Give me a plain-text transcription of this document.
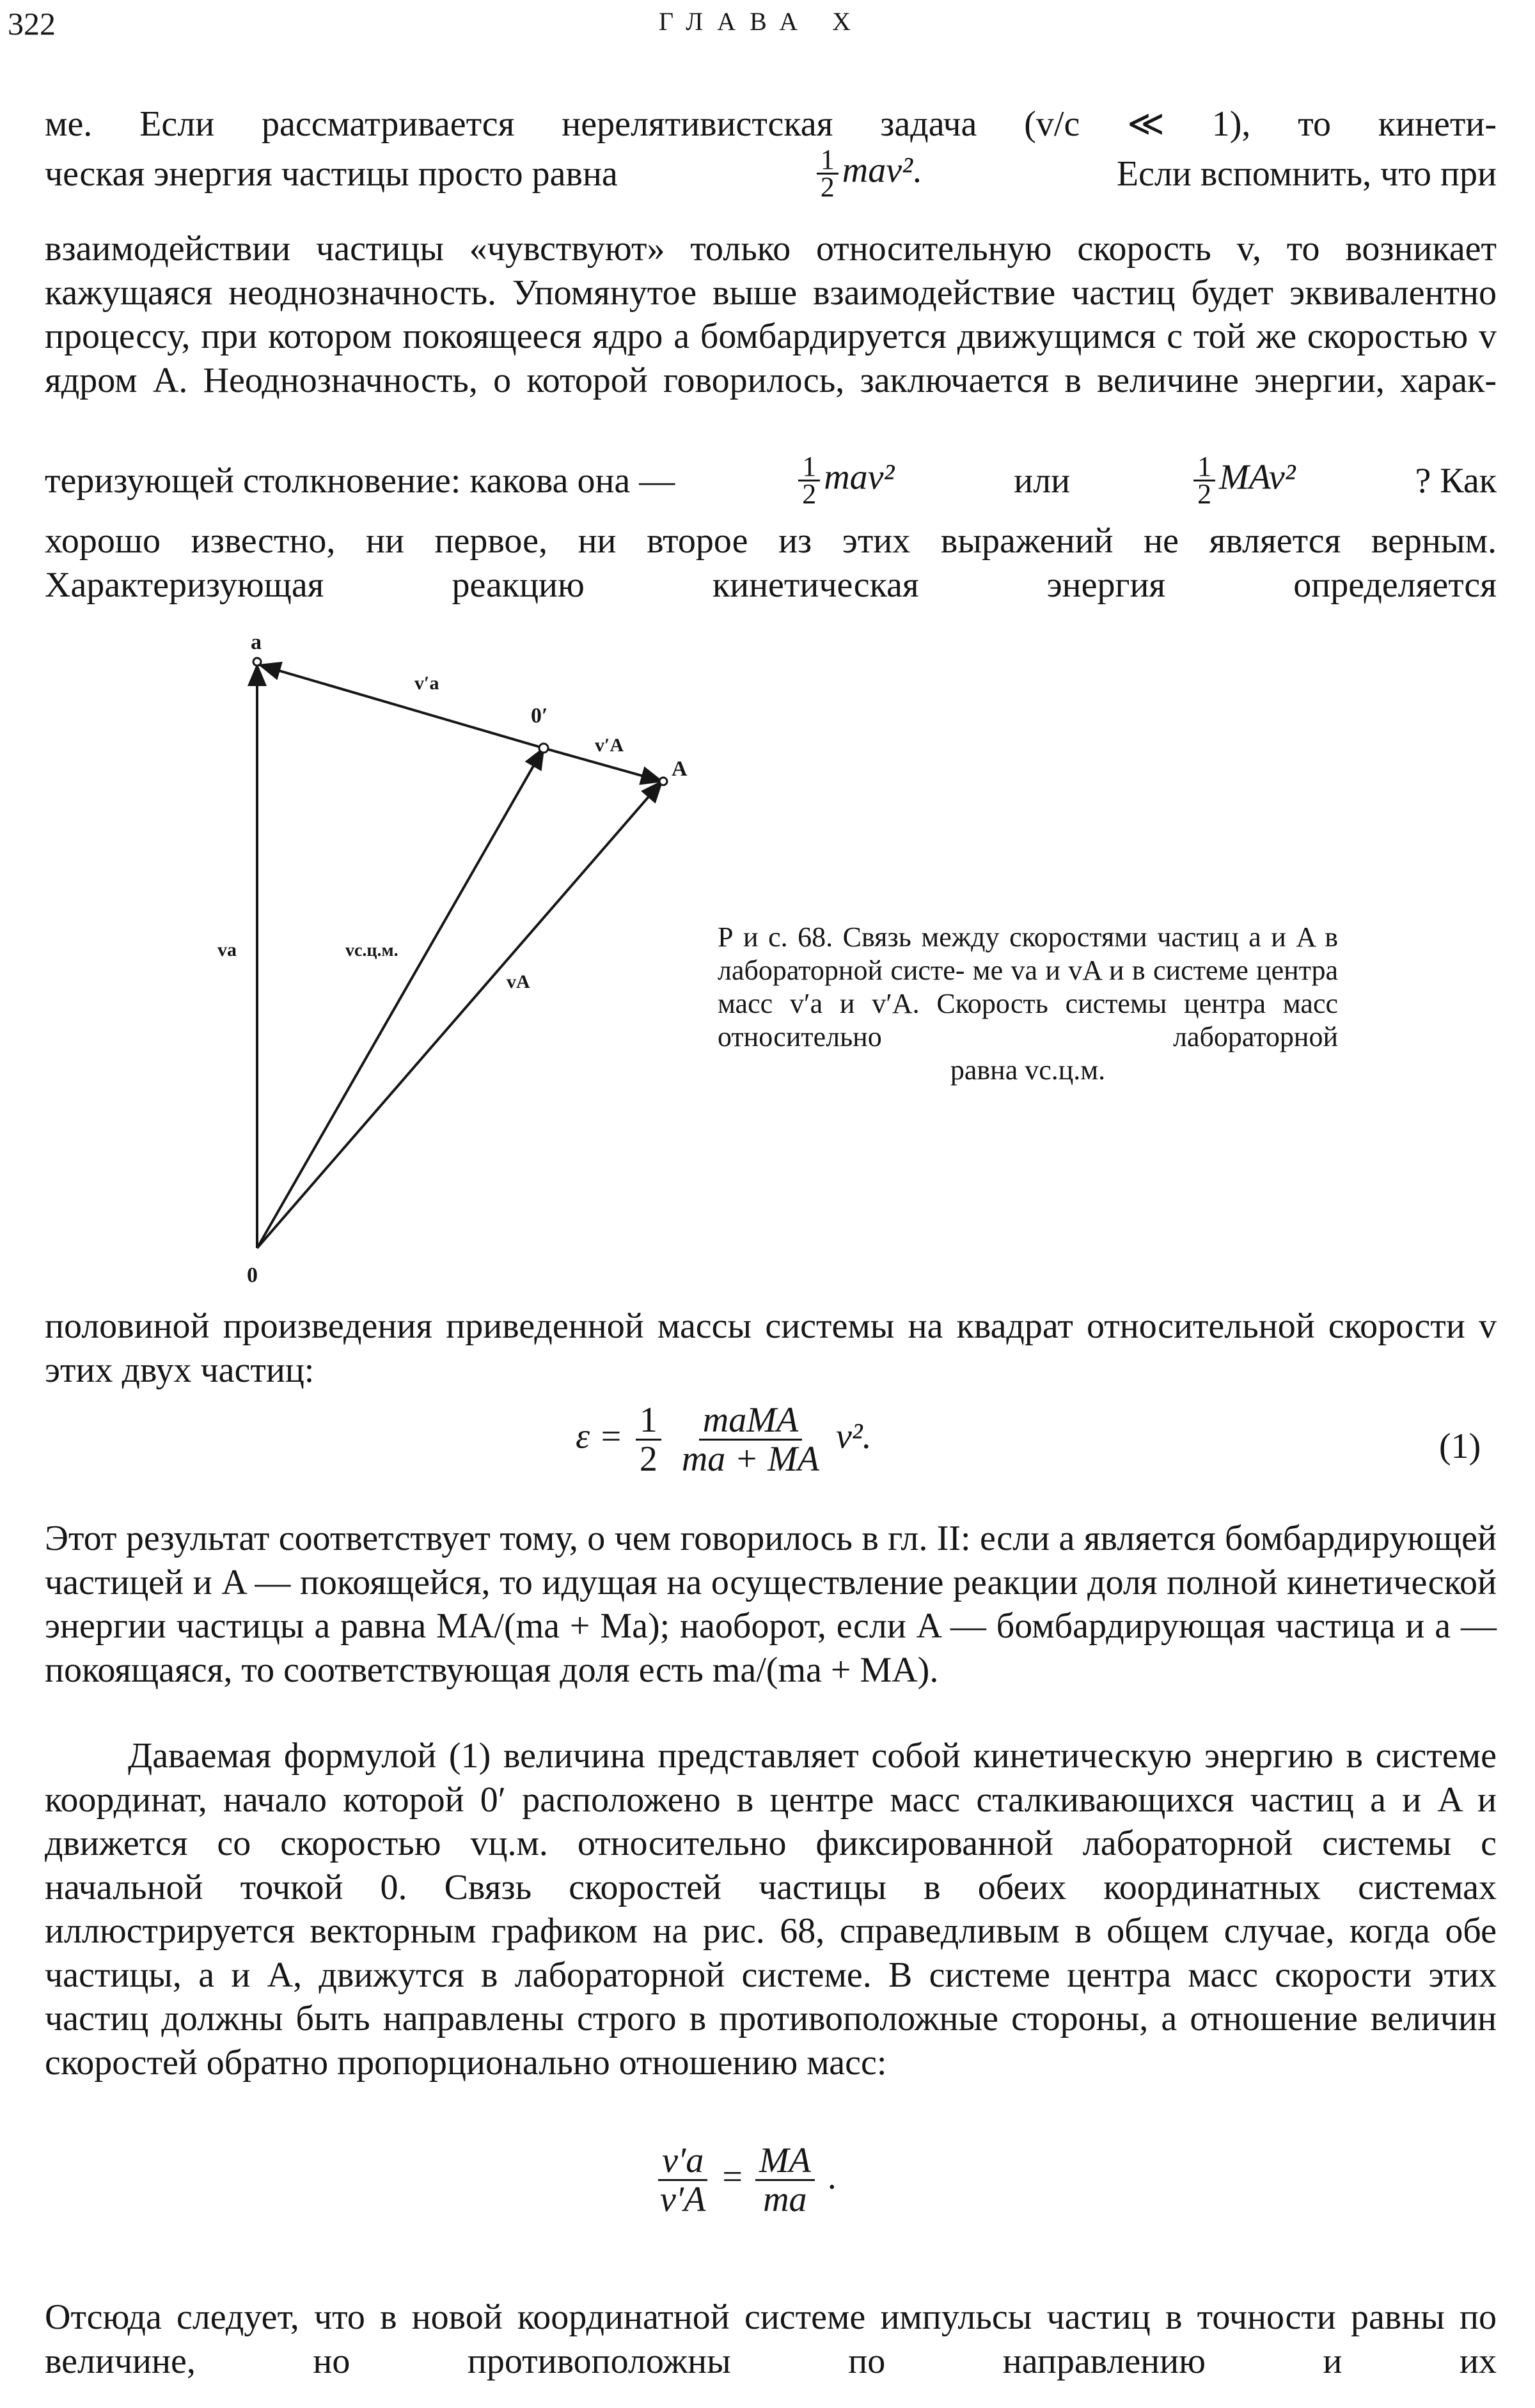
322	ГЛАВА X

ме. Если рассматривается нерелятивистская задача (v/c ≪ 1), то кинети-

ческая энергия частицы просто равна	$\frac{1}{2} mav^2$.	Если вспомнить, что при

взаимодействии частицы «чувствуют» только относительную скорость v, то возникает кажущаяся неоднозначность. Упомянутое выше взаимодействие частиц будет эквивалентно процессу, при котором покоящееся ядро a бомбардируется движущимся с той же скоростью v ядром A. Неоднозначность, о которой говорилось, заключается в величине энергии, харак-

теризующей столкновение: какова она —	$\frac{1}{2} mav^2$	или	$\frac{1}{2} MAv^2$	? Как

хорошо известно, ни первое, ни второе из этих выражений не является верным. Характеризующая реакцию кинетическая энергия определяется

a
0′
A
0
v′a
v′A
va	vс.ц.м.
vA

Р и с. 68. Связь между скоростями частиц a и A в лабораторной систе- ме va и vA и в системе центра масс v′a и v′A. Скорость системы центра масс относительно лабораторной
равна vс.ц.м.

половиной произведения приведенной массы системы на квадрат относительной скорости v этих двух частиц:

$\varepsilon = \frac{1}{2}$
$\frac{\text{maMA}}{ma + MA} v^2$.	(1)

Этот результат соответствует тому, о чем говорилось в гл. II: если a является бомбардирующей частицей и A — покоящейся, то идущая на осуществление реакции доля полной кинетической энергии частицы a равна MA/(ma + Ma); наоборот, если A — бомбардирующая частица и a — покоящаяся, то соответствующая доля есть ma/(ma + MA).

Даваемая формулой (1) величина представляет собой кинетическую энергию в системе координат, начало которой 0′ расположено в центре масс сталкивающихся частиц a и A и движется со скоростью vц.м. относительно фиксированной лабораторной системы с начальной точкой 0. Связь скоростей частицы в обеих координатных системах иллюстрируется векторным графиком на рис. 68, справедливым в общем случае, когда обе частицы, a и A, движутся в лабораторной системе. В системе центра масс скорости этих частиц должны быть направлены строго в противоположные стороны, а отношение величин скоростей обратно пропорционально отношению масс:

$\frac{v'a}{v'A} = \frac{MA}{ma}$ .

Отсюда следует, что в новой координатной системе импульсы частиц в точности равны по величине, но противоположны по направлению и их
